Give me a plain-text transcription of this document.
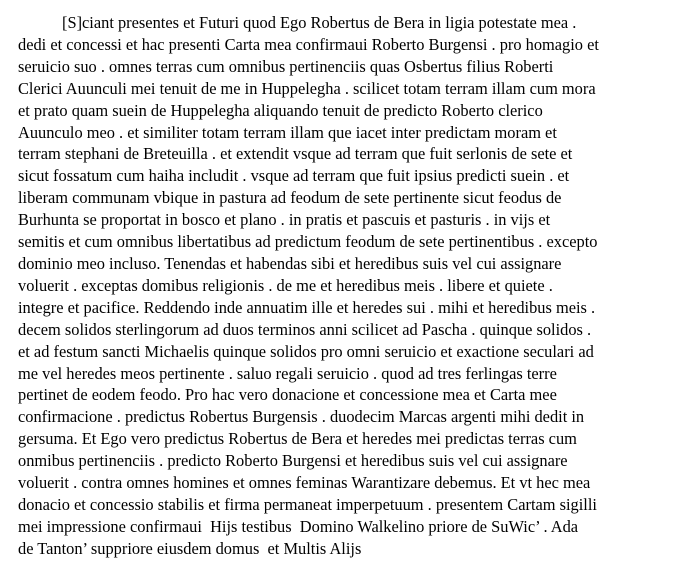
[S]ciant presentes et Futuri quod Ego Robertus de Bera in ligia potestate mea .
dedi et concessi et hac presenti Carta mea confirmaui Roberto Burgensi . pro homagio et
seruicio suo . omnes terras cum omnibus pertinenciis quas Osbertus filius Roberti
Clerici Auunculi mei tenuit de me in Huppelegha . scilicet totam terram illam cum mora
et prato quam suein de Huppelegha aliquando tenuit de predicto Roberto clerico
Auunculo meo . et similiter totam terram illam que iacet inter predictam moram et
terram stephani de Breteuilla . et extendit vsque ad terram que fuit serlonis de sete et
sicut fossatum cum haiha includit . vsque ad terram que fuit ipsius predicti suein . et
liberam communam vbique in pastura ad feodum de sete pertinente sicut feodus de
Burhunta se proportat in bosco et plano . in pratis et pascuis et pasturis . in vijs et
semitis et cum omnibus libertatibus ad predictum feodum de sete pertinentibus . excepto
dominio meo incluso. Tenendas et habendas sibi et heredibus suis vel cui assignare
voluerit . exceptas domibus religionis . de me et heredibus meis . libere et quiete .
integre et pacifice. Reddendo inde annuatim ille et heredes sui . mihi et heredibus meis .
decem solidos sterlingorum ad duos terminos anni scilicet ad Pascha . quinque solidos .
et ad festum sancti Michaelis quinque solidos pro omni seruicio et exactione seculari ad
me vel heredes meos pertinente . saluo regali seruicio . quod ad tres ferlingas terre
pertinet de eodem feodo. Pro hac vero donacione et concessione mea et Carta mee
confirmacione . predictus Robertus Burgensis . duodecim Marcas argenti mihi dedit in
gersuma. Et Ego vero predictus Robertus de Bera et heredes mei predictas terras cum
onmibus pertinenciis . predicto Roberto Burgensi et heredibus suis vel cui assignare
voluerit . contra omnes homines et omnes feminas Warantizare debemus. Et vt hec mea
donacio et concessio stabilis et firma permaneat imperpetuum . presentem Cartam sigilli
mei impressione confirmaui  Hijs testibus  Domino Walkelino priore de SuWic’ . Ada
de Tanton’ suppriore eiusdem domus  et Multis Alijs
